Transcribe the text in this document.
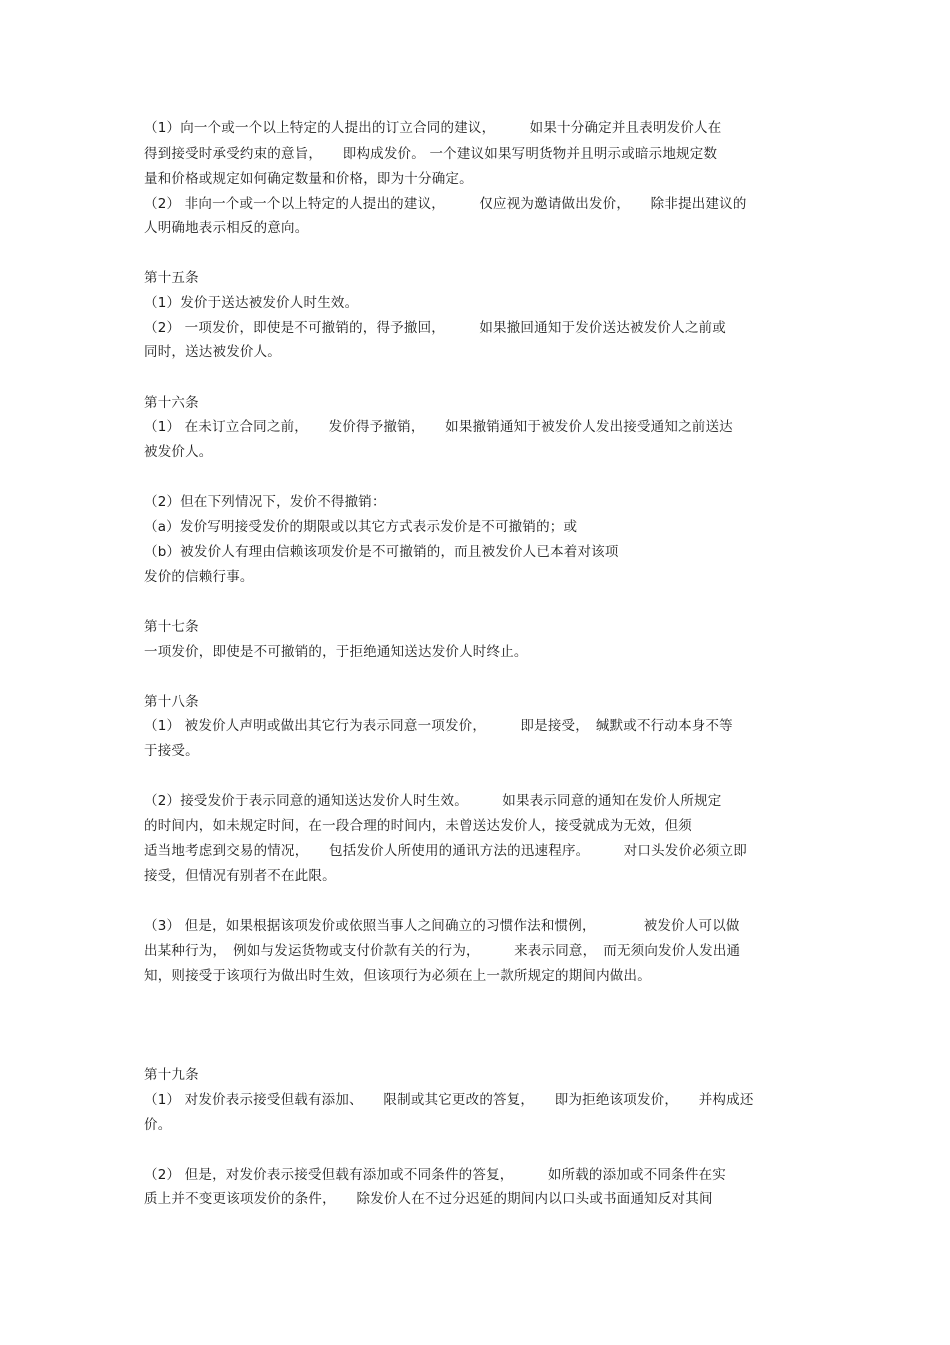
（1）向一个或一个以上特定的人提出的订立合同的建议，　　　如果十分确定并且表明发价人在
得到接受时承受约束的意旨，　　即构成发价。 一个建议如果写明货物并且明示或暗示地规定数
量和价格或规定如何确定数量和价格，即为十分确定。
（2） 非向一个或一个以上特定的人提出的建议，　　　仅应视为邀请做出发价，　　除非提出建议的
人明确地表示相反的意向。
第十五条
（1）发价于送达被发价人时生效。
（2） 一项发价，即使是不可撤销的，得予撤回，　　　如果撤回通知于发价送达被发价人之前或
同时，送达被发价人。
第十六条
（1） 在未订立合同之前，　　发价得予撤销，　　如果撤销通知于被发价人发出接受通知之前送达
被发价人。
（2）但在下列情况下，发价不得撤销：
（a）发价写明接受发价的期限或以其它方式表示发价是不可撤销的；或
（b）被发价人有理由信赖该项发价是不可撤销的，而且被发价人已本着对该项
发价的信赖行事。
第十七条
一项发价，即使是不可撤销的，于拒绝通知送达发价人时终止。
第十八条
（1） 被发价人声明或做出其它行为表示同意一项发价，　　　即是接受，　缄默或不行动本身不等
于接受。
（2）接受发价于表示同意的通知送达发价人时生效。　　　如果表示同意的通知在发价人所规定
的时间内，如未规定时间，在一段合理的时间内，未曾送达发价人，接受就成为无效，但须
适当地考虑到交易的情况，　　包括发价人所使用的通讯方法的迅速程序。　　　对口头发价必须立即
接受，但情况有别者不在此限。
（3） 但是，如果根据该项发价或依照当事人之间确立的习惯作法和惯例，　　　　被发价人可以做
出某种行为，　例如与发运货物或支付价款有关的行为，　　　来表示同意，　而无须向发价人发出通
知，则接受于该项行为做出时生效，但该项行为必须在上一款所规定的期间内做出。
第十九条
（1） 对发价表示接受但载有添加、　　限制或其它更改的答复，　　即为拒绝该项发价，　　并构成还
价。
（2） 但是，对发价表示接受但载有添加或不同条件的答复，　　　如所载的添加或不同条件在实
质上并不变更该项发价的条件，　　除发价人在不过分迟延的期间内以口头或书面通知反对其间
